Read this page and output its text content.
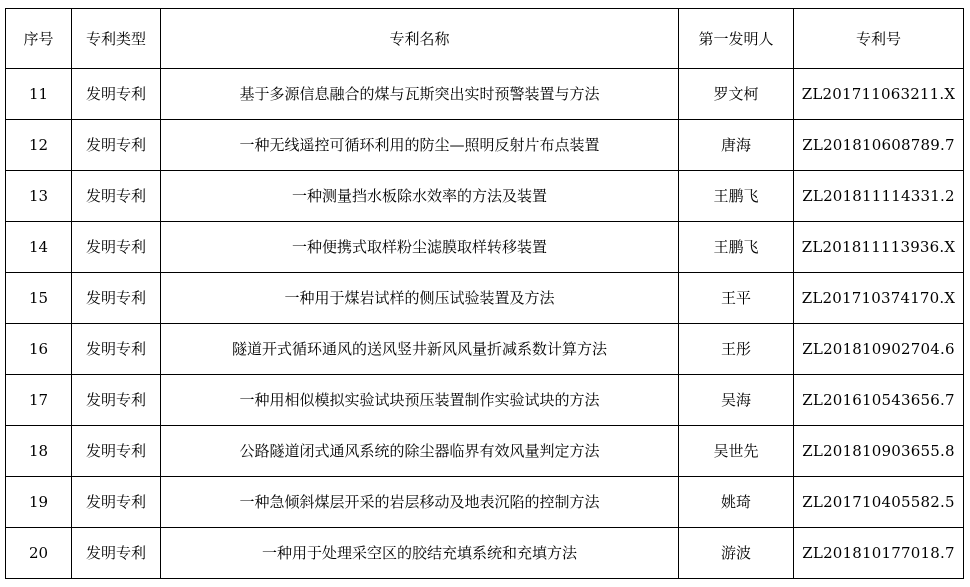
序号	专利类型	专利名称	第一发明人	专利号
11	发明专利	基于多源信息融合的煤与瓦斯突出实时预警装置与方法	罗文柯	ZL201711063211.X
12	发明专利	一种无线遥控可循环利用的防尘—照明反射片布点装置	唐海	ZL201810608789.7
13	发明专利	一种测量挡水板除水效率的方法及装置	王鹏飞	ZL201811114331.2
14	发明专利	一种便携式取样粉尘滤膜取样转移装置	王鹏飞	ZL201811113936.X
15	发明专利	一种用于煤岩试样的侧压试验装置及方法	王平	ZL201710374170.X
16	发明专利	隧道开式循环通风的送风竖井新风风量折减系数计算方法	王彤	ZL201810902704.6
17	发明专利	一种用相似模拟实验试块预压装置制作实验试块的方法	吴海	ZL201610543656.7
18	发明专利	公路隧道闭式通风系统的除尘器临界有效风量判定方法	吴世先	ZL201810903655.8
19	发明专利	一种急倾斜煤层开采的岩层移动及地表沉陷的控制方法	姚琦	ZL201710405582.5
20	发明专利	一种用于处理采空区的胶结充填系统和充填方法	游波	ZL201810177018.7
